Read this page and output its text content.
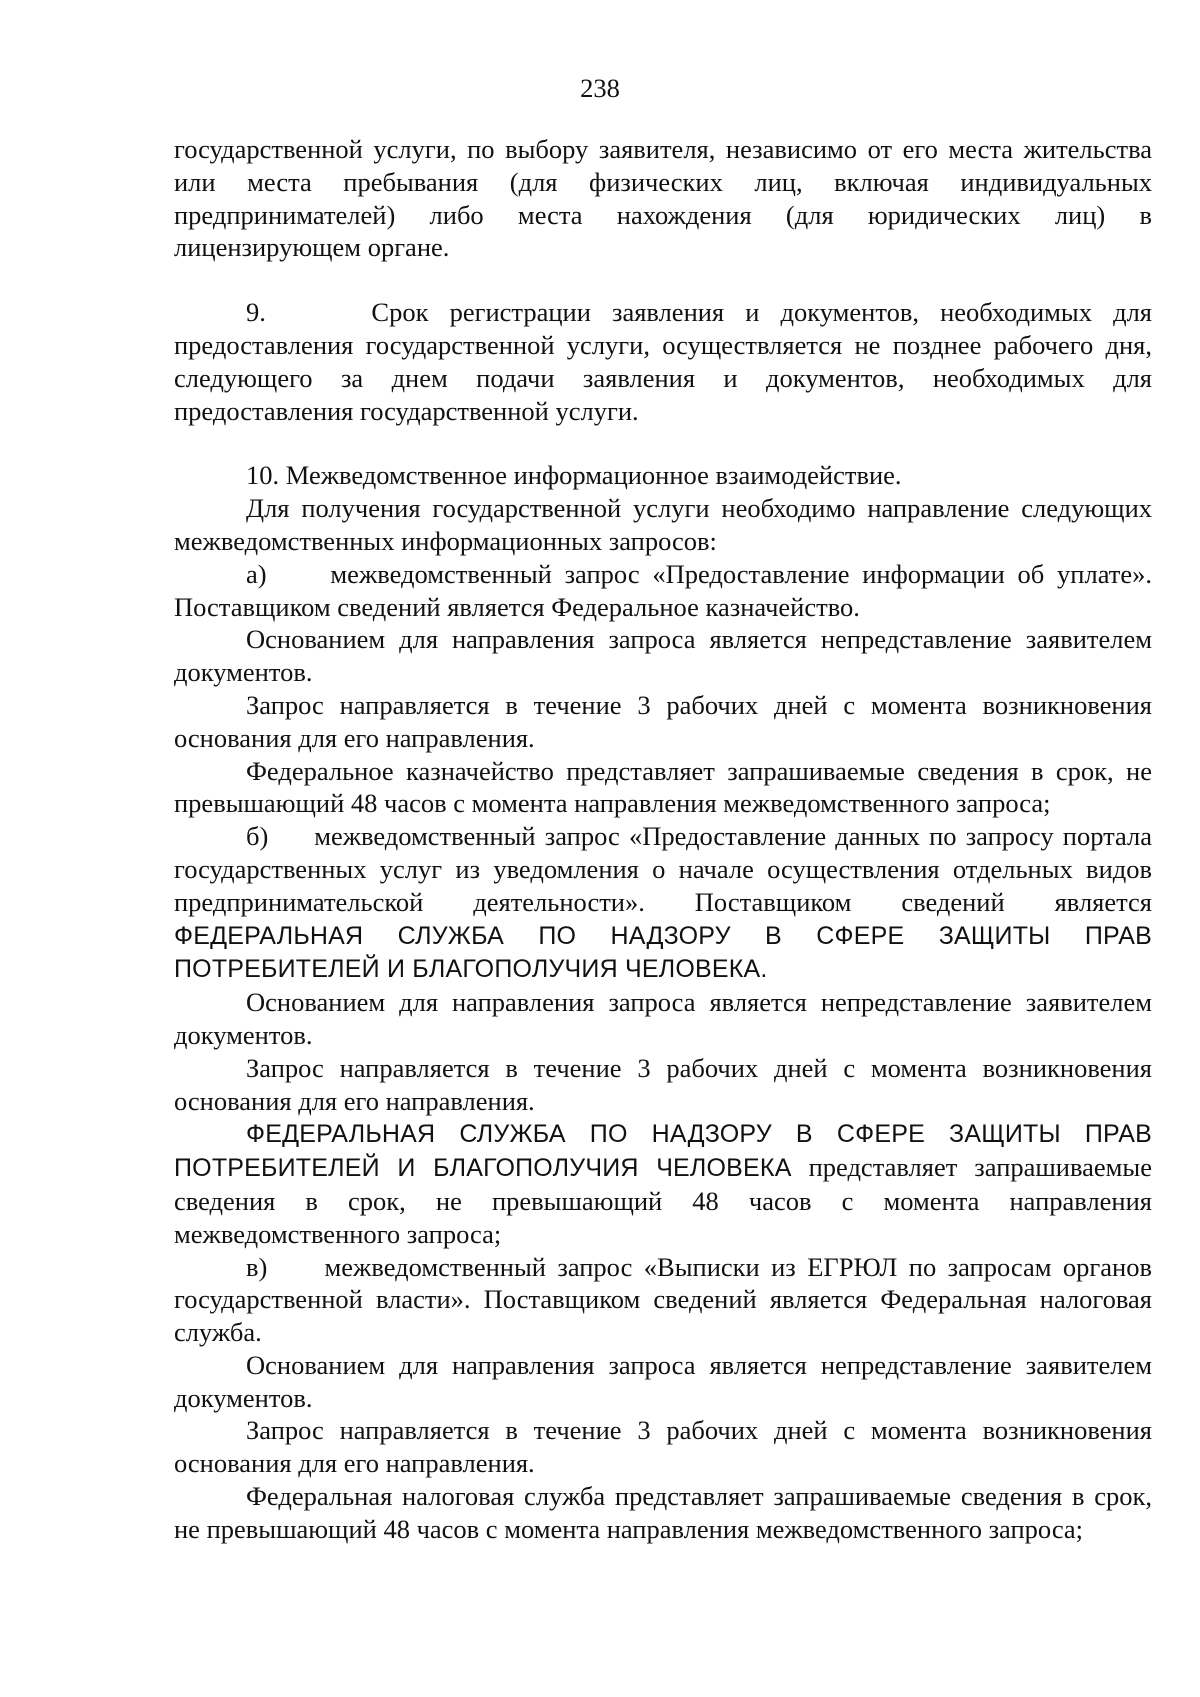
238

государственной услуги, по выбору заявителя, независимо от его места жительства или места пребывания (для физических лиц, включая индивидуальных предпринимателей) либо места нахождения (для юридических лиц) в лицензирующем органе.

9.     Срок регистрации заявления и документов, необходимых для предоставления государственной услуги, осуществляется не позднее рабочего дня, следующего за днем подачи заявления и документов, необходимых для предоставления государственной услуги.

10. Межведомственное информационное взаимодействие.

Для получения государственной услуги необходимо направление следующих межведомственных информационных запросов:

а)     межведомственный запрос «Предоставление информации об уплате». Поставщиком сведений является Федеральное казначейство.

Основанием для направления запроса является непредставление заявителем документов.

Запрос направляется в течение 3 рабочих дней с момента возникновения основания для его направления.

Федеральное казначейство представляет запрашиваемые сведения в срок, не превышающий 48 часов с момента направления межведомственного запроса;

б)     межведомственный запрос «Предоставление данных по запросу портала государственных услуг из уведомления о начале осуществления отдельных видов предпринимательской деятельности». Поставщиком сведений является ФЕДЕРАЛЬНАЯ СЛУЖБА ПО НАДЗОРУ В СФЕРЕ ЗАЩИТЫ ПРАВ ПОТРЕБИТЕЛЕЙ И БЛАГОПОЛУЧИЯ ЧЕЛОВЕКА.

Основанием для направления запроса является непредставление заявителем документов.

Запрос направляется в течение 3 рабочих дней с момента возникновения основания для его направления.

ФЕДЕРАЛЬНАЯ СЛУЖБА ПО НАДЗОРУ В СФЕРЕ ЗАЩИТЫ ПРАВ ПОТРЕБИТЕЛЕЙ И БЛАГОПОЛУЧИЯ ЧЕЛОВЕКА представляет запрашиваемые сведения в срок, не превышающий 48 часов с момента направления межведомственного запроса;

в)     межведомственный запрос «Выписки из ЕГРЮЛ по запросам органов государственной власти». Поставщиком сведений является Федеральная налоговая служба.

Основанием для направления запроса является непредставление заявителем документов.

Запрос направляется в течение 3 рабочих дней с момента возникновения основания для его направления.

Федеральная налоговая служба представляет запрашиваемые сведения в срок, не превышающий 48 часов с момента направления межведомственного запроса;
